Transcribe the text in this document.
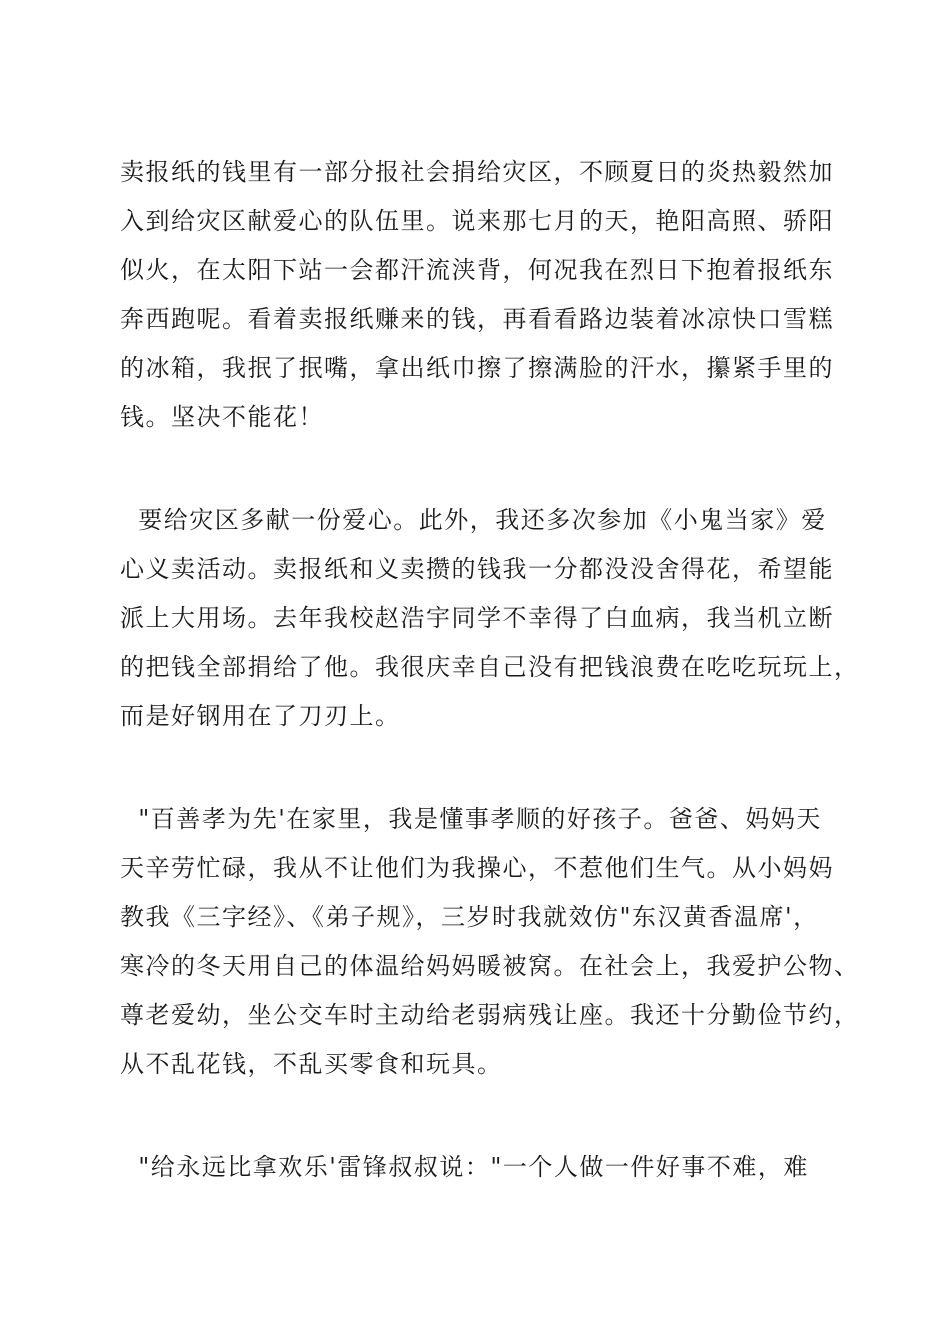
卖报纸的钱里有一部分报社会捐给灾区，不顾夏日的炎热毅然加
入到给灾区献爱心的队伍里。说来那七月的天，艳阳高照、骄阳
似火，在太阳下站一会都汗流浃背，何况我在烈日下抱着报纸东
奔西跑呢。看着卖报纸赚来的钱，再看看路边装着冰凉快口雪糕
的冰箱，我抿了抿嘴，拿出纸巾擦了擦满脸的汗水，攥紧手里的
钱。坚决不能花！

要给灾区多献一份爱心。此外，我还多次参加《小鬼当家》爱
心义卖活动。卖报纸和义卖攒的钱我一分都没没舍得花，希望能
派上大用场。去年我校赵浩宇同学不幸得了白血病，我当机立断
的把钱全部捐给了他。我很庆幸自己没有把钱浪费在吃吃玩玩上，
而是好钢用在了刀刃上。

"百善孝为先'在家里，我是懂事孝顺的好孩子。爸爸、妈妈天
天辛劳忙碌，我从不让他们为我操心，不惹他们生气。从小妈妈
教我《三字经》、《弟子规》，三岁时我就效仿"东汉黄香温席'，
寒冷的冬天用自己的体温给妈妈暖被窝。在社会上，我爱护公物、
尊老爱幼，坐公交车时主动给老弱病残让座。我还十分勤俭节约，
从不乱花钱，不乱买零食和玩具。

"给永远比拿欢乐'雷锋叔叔说："一个人做一件好事不难，难
